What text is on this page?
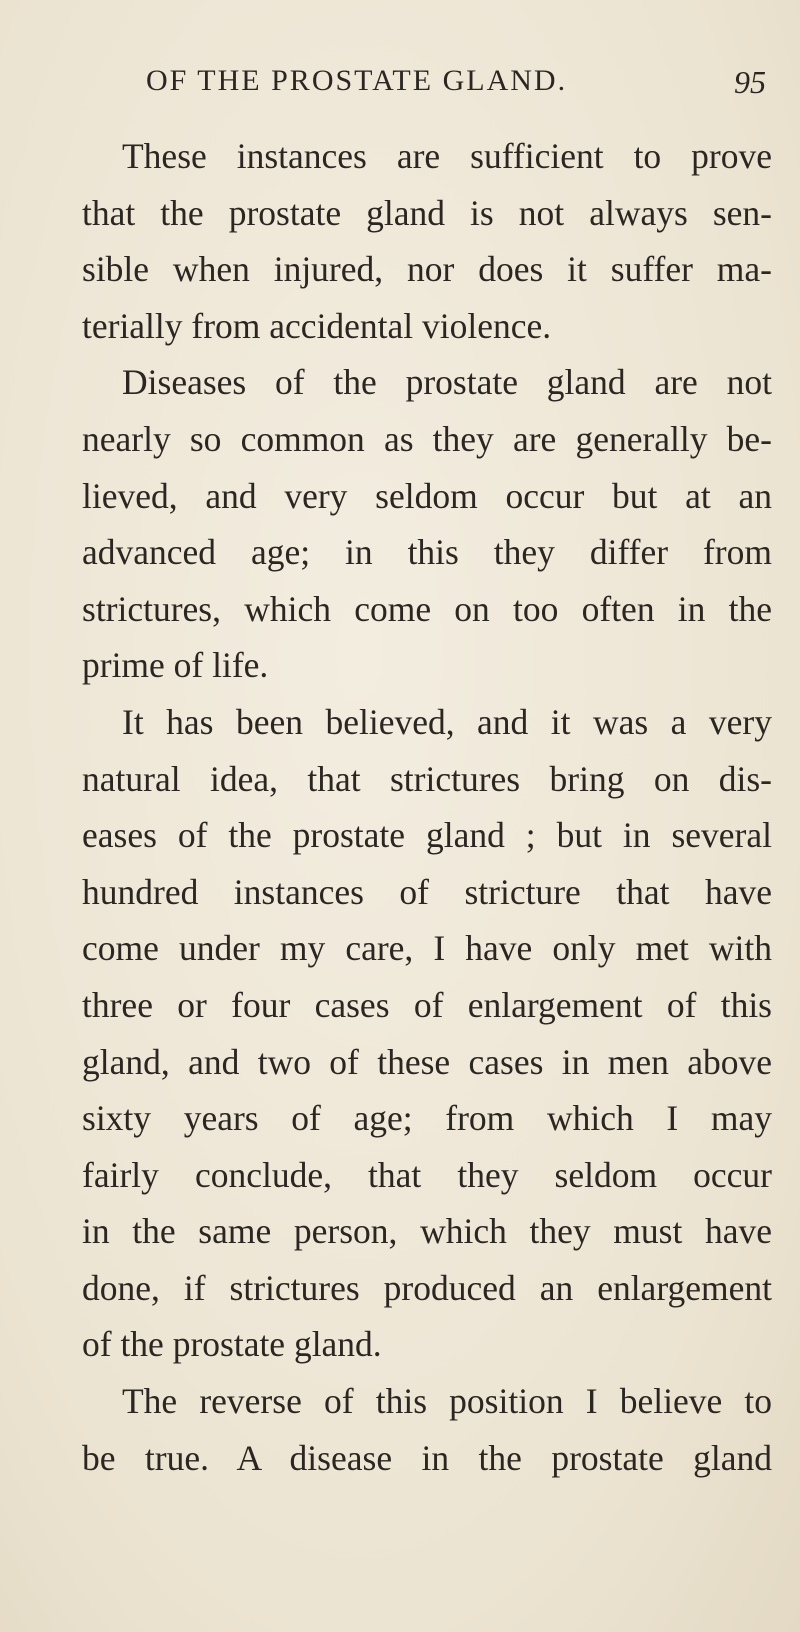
OF THE PROSTATE GLAND.	95

These instances are sufficient to prove
that the prostate gland is not always sen-
sible when injured, nor does it suffer ma-
terially from accidental violence.

Diseases of the prostate gland are not
nearly so common as they are generally be-
lieved, and very seldom occur but at an
advanced age; in this they differ from
strictures, which come on too often in the
prime of life.

It has been believed, and it was a very
natural idea, that strictures bring on dis-
eases of the prostate gland ; but in several
hundred instances of stricture that have
come under my care, I have only met with
three or four cases of enlargement of this
gland, and two of these cases in men above
sixty years of age; from which I may
fairly conclude, that they seldom occur
in the same person, which they must have
done, if strictures produced an enlargement
of the prostate gland.

The reverse of this position I believe to
be true. A disease in the prostate gland
